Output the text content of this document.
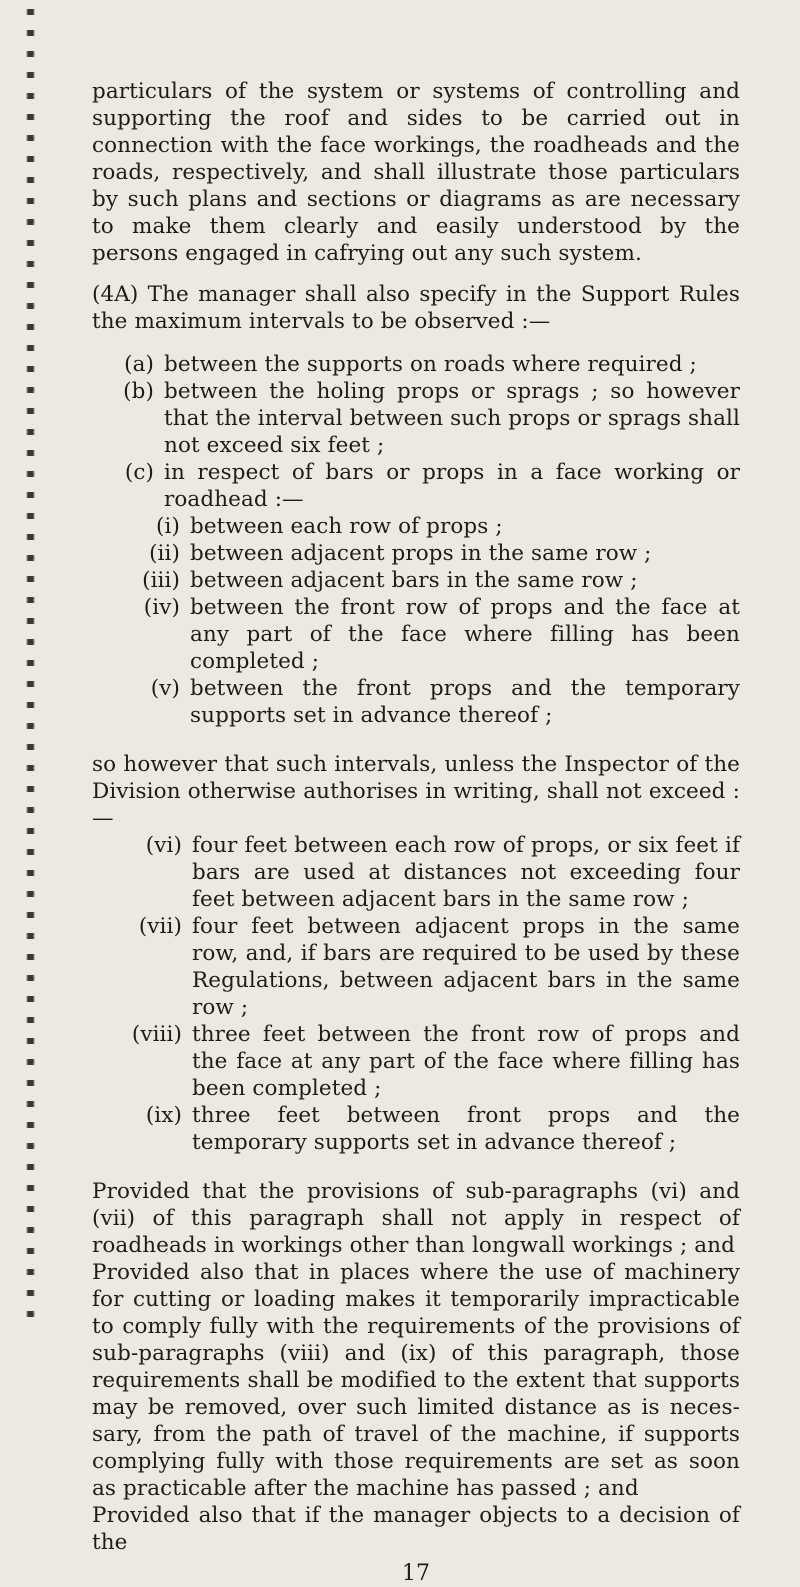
particulars of the system or systems of controlling and supporting the roof and sides to be carried out in connection with the face workings, the roadheads and the roads, respectively, and shall illustrate those particulars by such plans and sections or diagrams as are necessary to make them clearly and easily understood by the persons engaged in cafrying out any such system.

(4A) The manager shall also specify in the Support Rules the maximum intervals to be observed :—

(a) between the supports on roads where required ;
(b) between the holing props or sprags ; so however that the interval between such props or sprags shall not exceed six feet ;
(c) in respect of bars or props in a face working or roadhead :—
(i) between each row of props ;
(ii) between adjacent props in the same row ;
(iii) between adjacent bars in the same row ;
(iv) between the front row of props and the face at any part of the face where filling has been completed ;
(v) between the front props and the temporary supports set in advance thereof ;

so however that such intervals, unless the Inspector of the Division otherwise authorises in writing, shall not exceed :—

(vi) four feet between each row of props, or six feet if bars are used at distances not exceeding four feet between adjacent bars in the same row ;
(vii) four feet between adjacent props in the same row, and, if bars are required to be used by these Regulations, between adjacent bars in the same row ;
(viii) three feet between the front row of props and the face at any part of the face where filling has been completed ;
(ix) three feet between front props and the temporary supports set in advance thereof ;

Provided that the provisions of sub-paragraphs (vi) and (vii) of this paragraph shall not apply in respect of roadheads in workings other than longwall workings ; and

Provided also that in places where the use of machinery for cutting or loading makes it temporarily impracticable to comply fully with the requirements of the provisions of sub-paragraphs (viii) and (ix) of this paragraph, those requirements shall be modified to the extent that supports may be removed, over such limited distance as is neces- sary, from the path of travel of the machine, if supports complying fully with those requirements are set as soon as practicable after the machine has passed ; and

Provided also that if the manager objects to a decision of the

17
